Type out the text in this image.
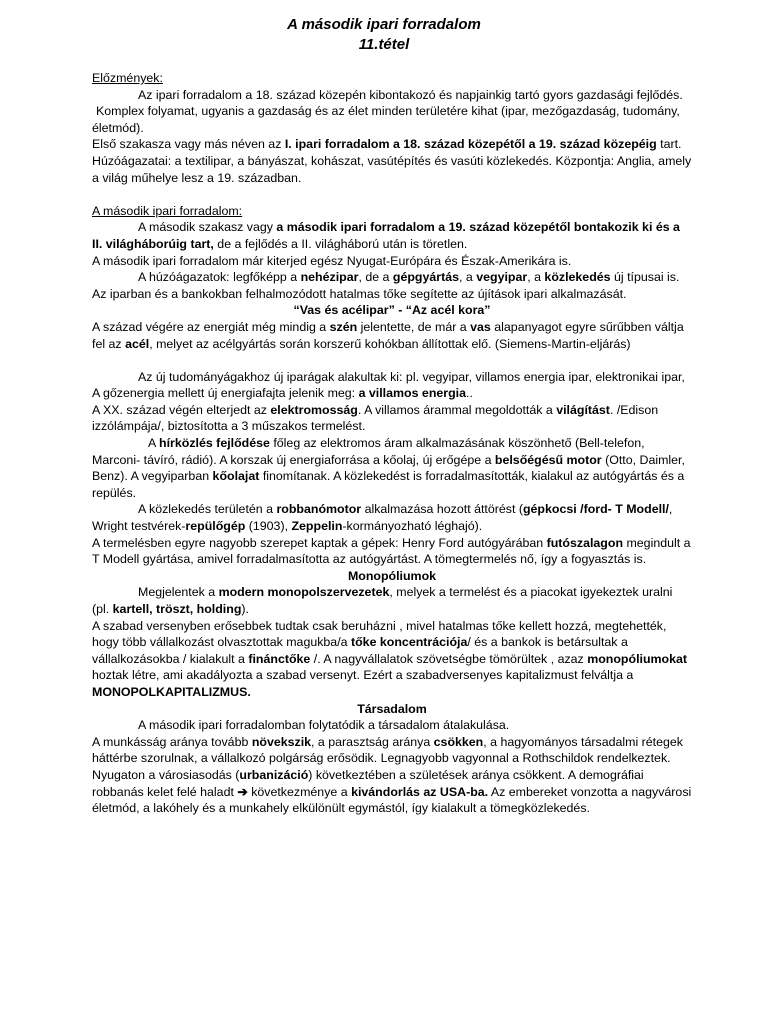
A második ipari forradalom
11.tétel

Előzmények:

Az ipari forradalom a 18. század közepén kibontakozó és napjainkig tartó gyors gazdasági fejlődés.

Komplex folyamat, ugyanis a gazdaság és az élet minden területére kihat (ipar, mezőgazdaság, tudomány, életmód).

Első szakasza vagy más néven az I. ipari forradalom a 18. század közepétől a 19. század közepéig tart. Húzóágazatai: a textilipar, a bányászat, kohászat, vasútépítés és vasúti közlekedés. Központja: Anglia, amely a világ műhelye lesz a 19. században.

A második ipari forradalom:

A második szakasz vagy a második ipari forradalom a 19. század közepétől bontakozik ki és a II. világháborúig tart, de a fejlődés a II. világháború után is töretlen.

A második ipari forradalom már kiterjed egész Nyugat-Európára és Észak-Amerikára is.

A húzóágazatok: legfőképp a nehézipar, de a gépgyártás, a vegyipar, a közlekedés új típusai is.

Az iparban és a bankokban felhalmozódott hatalmas tőke segítette az újítások ipari alkalmazását.

“Vas és acélipar” - “Az acél kora”

A század végére az energiát még mindig a szén jelentette, de már a vas alapanyagot egyre sűrűbben váltja fel az acél, melyet az acélgyártás során korszerű kohókban állítottak elő. (Siemens-Martin-eljárás)

Az új tudományágakhoz új iparágak alakultak ki: pl. vegyipar, villamos energia ipar, elektronikai ipar, A gőzenergia mellett új energiafajta jelenik meg: a villamos energia..

A XX. század végén elterjedt az elektromosság. A villamos árammal megoldották a világítást. /Edison izzólámpája/, biztosította a 3 műszakos termelést.

A hírközlés fejlődése főleg az elektromos áram alkalmazásának köszönhető (Bell-telefon, Marconi- távíró, rádió). A korszak új energiaforrása a kőolaj, új erőgépe a belsőégésű motor (Otto, Daimler, Benz). A vegyiparban kőolajat finomítanak. A közlekedést is forradalmasították, kialakul az autógyártás és a repülés.

A közlekedés területén a robbanómotor alkalmazása hozott áttörést (gépkocsi /ford- T Modell/, Wright testvérek-repülőgép (1903), Zeppelin-kormányozható léghajó).

A termelésben egyre nagyobb szerepet kaptak a gépek: Henry Ford autógyárában futószalagon megindult a T Modell gyártása, amivel forradalmasította az autógyártást. A tömegtermelés nő, így a fogyasztás is.

Monopóliumok

Megjelentek a modern monopolszervezetek, melyek a termelést és a piacokat igyekeztek uralni (pl. kartell, tröszt, holding).

A szabad versenyben erősebbek tudtak csak beruházni , mivel hatalmas tőke kellett hozzá, megtehették, hogy több vállalkozást olvasztottak magukba/a tőke koncentrációja/ és a bankok is betársultak a vállalkozásokba / kialakult a finánctőke /. A nagyvállalatok szövetségbe tömörültek , azaz monopóliumokat hoztak létre, ami akadályozta a szabad versenyt. Ezért a szabadversenyes kapitalizmust felváltja a MONOPOLKAPITALIZMUS.

Társadalom

A második ipari forradalomban folytatódik a társadalom átalakulása.

A munkásság aránya tovább növekszik, a parasztság aránya csökken, a hagyományos társadalmi rétegek háttérbe szorulnak, a vállalkozó polgárság erősödik. Legnagyobb vagyonnal a Rothschildok rendelkeztek.

Nyugaton a városiasodás (urbanizáció) következtében a születések aránya csökkent. A demográfiai robbanás kelet felé haladt ➔ következménye a kivándorlás az USA-ba. Az embereket vonzotta a nagyvárosi életmód, a lakóhely és a munkahely elkülönült egymástól, így kialakult a tömegközlekedés.
